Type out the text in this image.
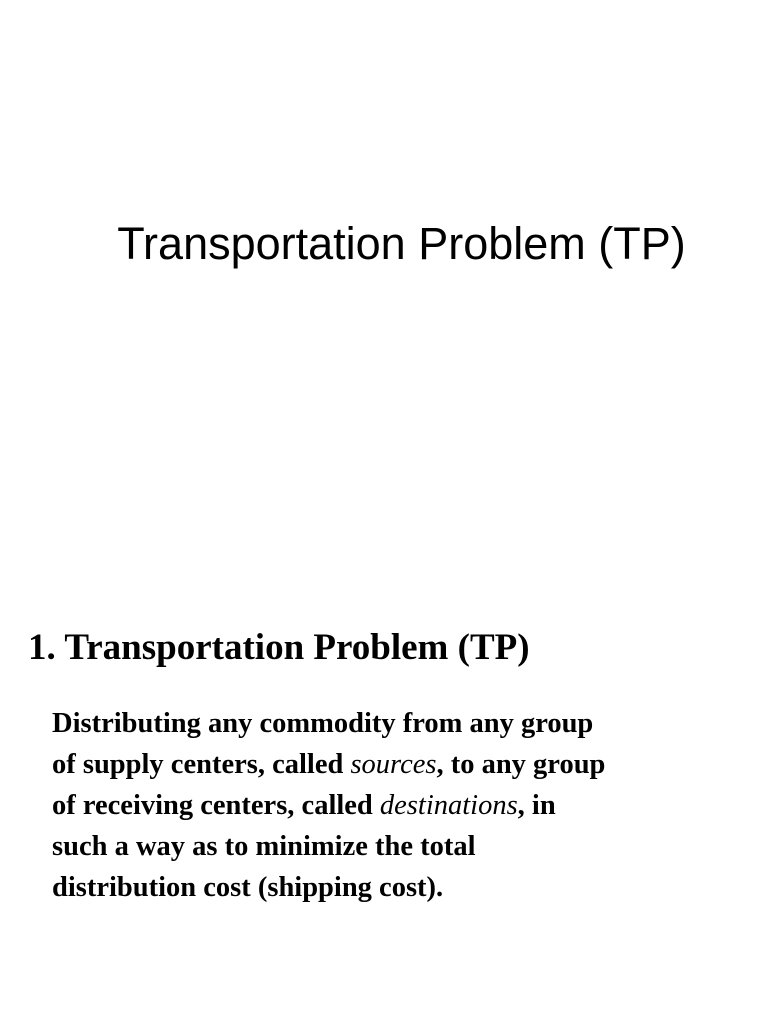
Transportation Problem (TP)
1. Transportation Problem (TP)

Distributing any commodity from any group
of supply centers, called sources, to any group
of receiving centers, called destinations, in
such a way as to minimize the total
distribution cost (shipping cost).
